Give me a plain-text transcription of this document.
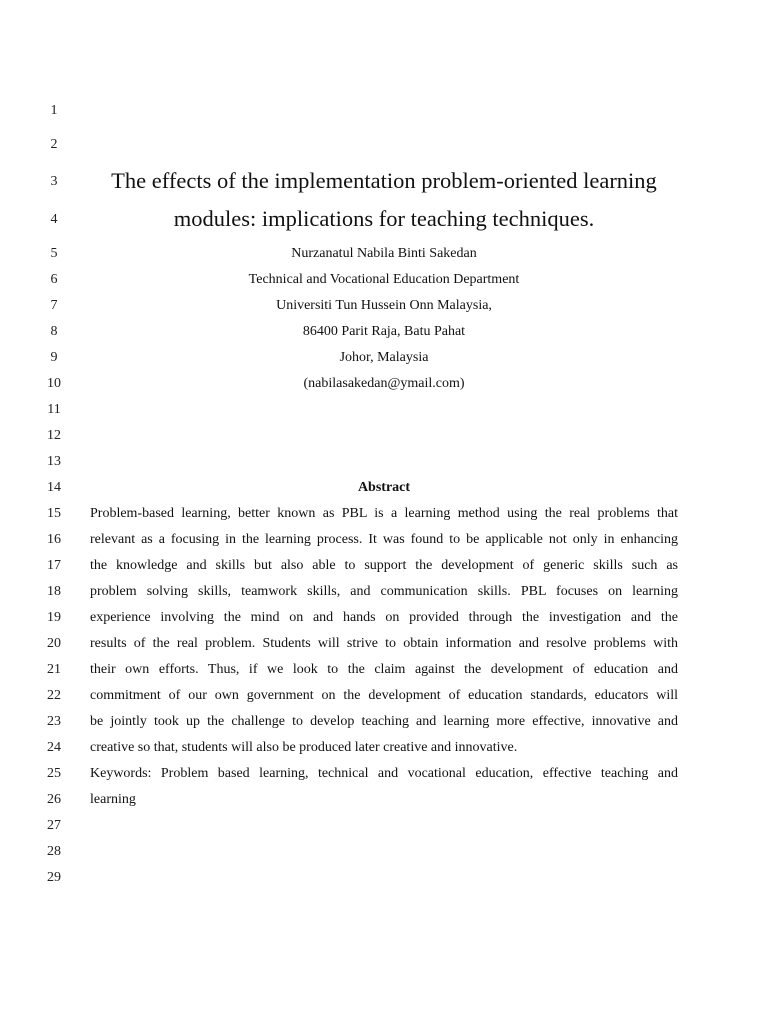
1
2
3
4
5
6
7
8
9
10
11
12
13
14
15
16
17
18
19
20
21
22
23
24
25
26
27
28
29
The effects of the implementation problem-oriented learning
modules: implications for teaching techniques.
Nurzanatul Nabila Binti Sakedan
Technical and Vocational Education Department
Universiti Tun Hussein Onn Malaysia,
86400 Parit Raja, Batu Pahat
Johor, Malaysia
(nabilasakedan@ymail.com)
Abstract
Problem-based learning, better known as PBL is a learning method using the real problems that
relevant as a focusing in the learning process. It was found to be applicable not only in enhancing
the knowledge and skills but also able to support the development of generic skills such as
problem solving skills, teamwork skills, and communication skills. PBL focuses on learning
experience involving the mind on and hands on provided through the investigation and the
results of the real problem. Students will strive to obtain information and resolve problems with
their own efforts. Thus, if we look to the claim against the development of education and
commitment of our own government on the development of education standards, educators will
be jointly took up the challenge to develop teaching and learning more effective, innovative and
creative so that, students will also be produced later creative and innovative.
Keywords: Problem based learning, technical and vocational education, effective teaching and
learning
